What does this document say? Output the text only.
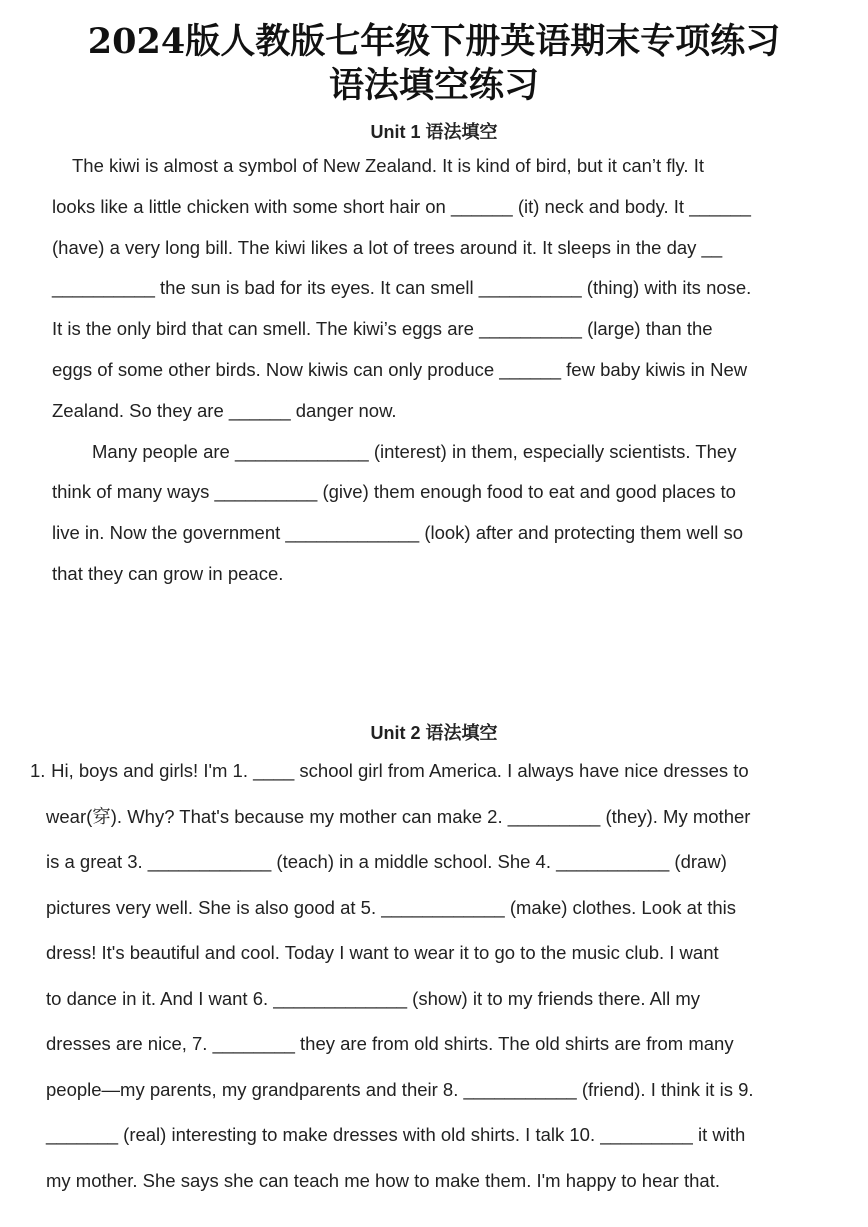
2024版人教版七年级下册英语期末专项练习
语法填空练习
Unit 1 语法填空
The kiwi is almost a symbol of New Zealand. It is kind of bird, but it can’t fly. It
looks like a little chicken with some short hair on ______ (it) neck and body. It ______
(have) a very long bill. The kiwi likes a lot of trees around it. It sleeps in the day __
__________ the sun is bad for its eyes. It can smell __________ (thing) with its nose.
It is the only bird that can smell. The kiwi’s eggs are __________ (large) than the
eggs of some other birds. Now kiwis can only produce ______ few baby kiwis in New
Zealand. So they are ______ danger now.
Many people are _____________ (interest) in them, especially scientists. They
think of many ways __________ (give) them enough food to eat and good places to
live in. Now the government _____________ (look) after and protecting them well so
that they can grow in peace.
Unit 2 语法填空
1. Hi, boys and girls! I'm 1. ____ school girl from America. I always have nice dresses to
wear(穿). Why? That's because my mother can make 2. _________ (they). My mother
is a great 3. ____________ (teach) in a middle school. She 4. ___________ (draw)
pictures very well. She is also good at 5. ____________ (make) clothes. Look at this
dress! It's beautiful and cool. Today I want to wear it to go to the music club. I want
to dance in it. And I want 6. _____________ (show) it to my friends there. All my
dresses are nice, 7. ________ they are from old shirts. The old shirts are from many
people—my parents, my grandparents and their 8. ___________ (friend). I think it is 9.
_______ (real) interesting to make dresses with old shirts. I talk 10. _________ it with
my mother. She says she can teach me how to make them. I'm happy to hear that.
